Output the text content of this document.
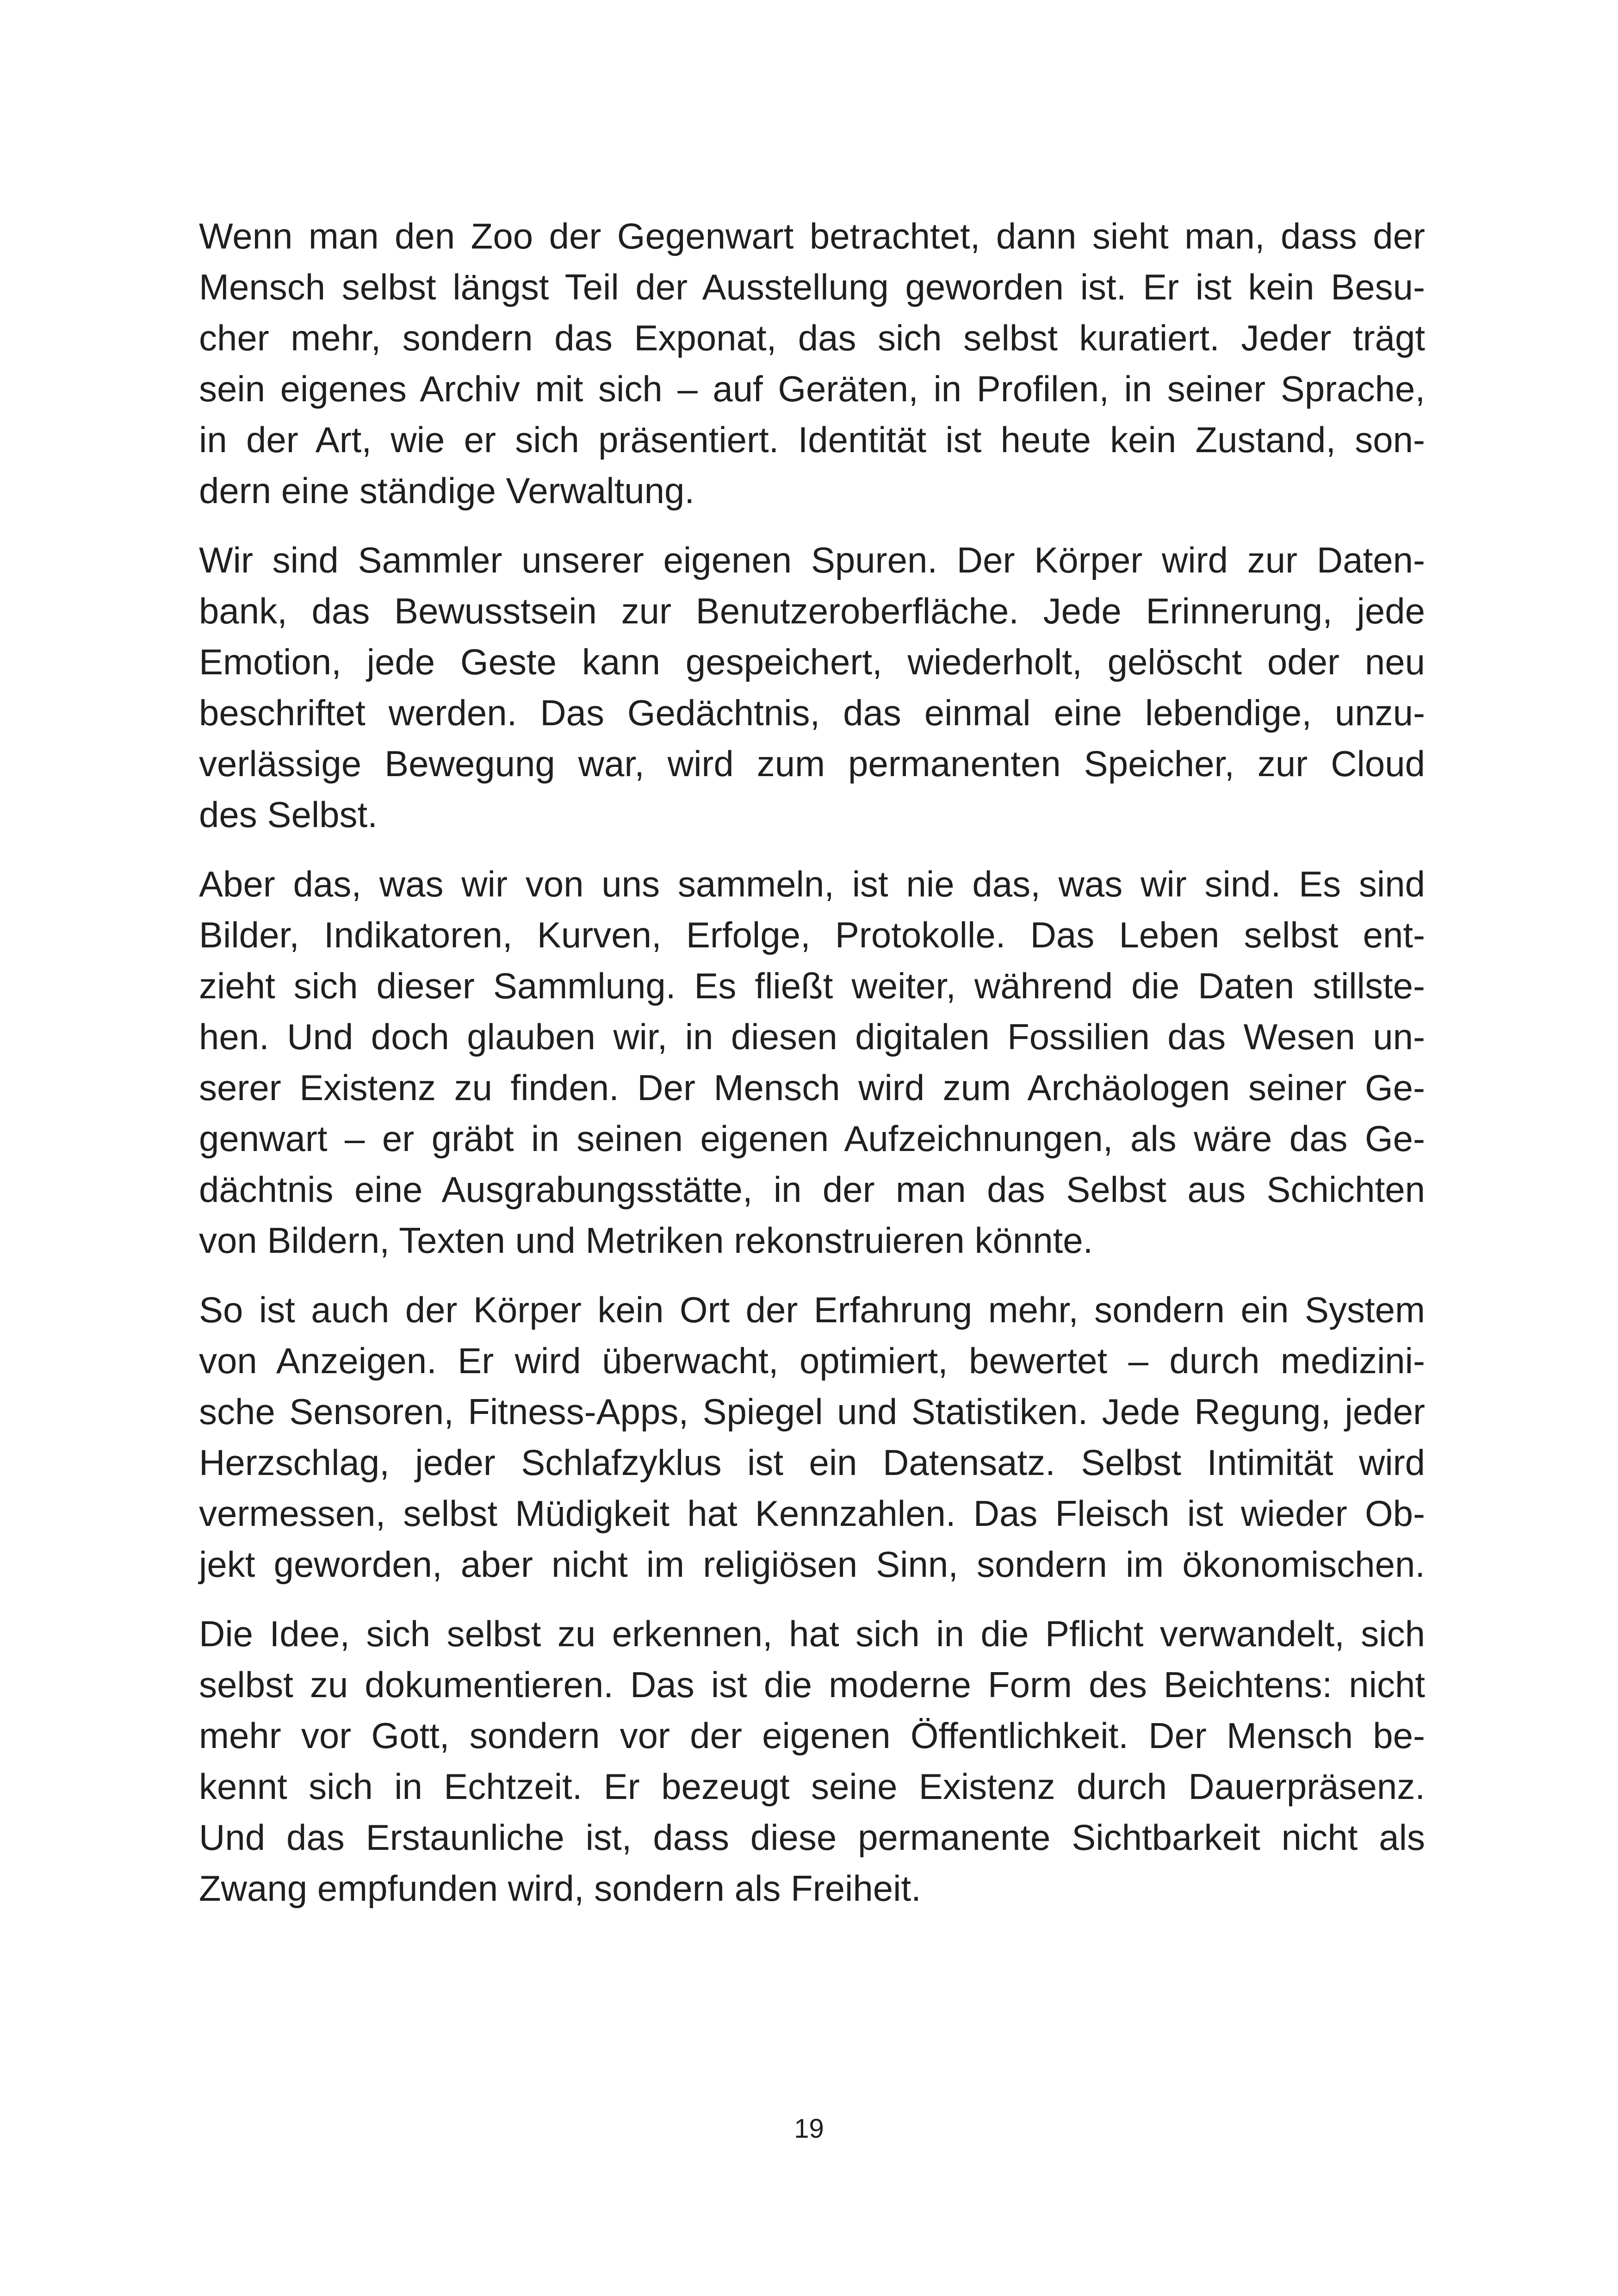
Wenn man den Zoo der Gegenwart betrachtet, dann sieht man, dass der
Mensch selbst längst Teil der Ausstellung geworden ist. Er ist kein Besu-
cher mehr, sondern das Exponat, das sich selbst kuratiert. Jeder trägt
sein eigenes Archiv mit sich – auf Geräten, in Profilen, in seiner Sprache,
in der Art, wie er sich präsentiert. Identität ist heute kein Zustand, son-
dern eine ständige Verwaltung.

Wir sind Sammler unserer eigenen Spuren. Der Körper wird zur Daten-
bank, das Bewusstsein zur Benutzeroberfläche. Jede Erinnerung, jede
Emotion, jede Geste kann gespeichert, wiederholt, gelöscht oder neu
beschriftet werden. Das Gedächtnis, das einmal eine lebendige, unzu-
verlässige Bewegung war, wird zum permanenten Speicher, zur Cloud
des Selbst.

Aber das, was wir von uns sammeln, ist nie das, was wir sind. Es sind
Bilder, Indikatoren, Kurven, Erfolge, Protokolle. Das Leben selbst ent-
zieht sich dieser Sammlung. Es fließt weiter, während die Daten stillste-
hen. Und doch glauben wir, in diesen digitalen Fossilien das Wesen un-
serer Existenz zu finden. Der Mensch wird zum Archäologen seiner Ge-
genwart – er gräbt in seinen eigenen Aufzeichnungen, als wäre das Ge-
dächtnis eine Ausgrabungsstätte, in der man das Selbst aus Schichten
von Bildern, Texten und Metriken rekonstruieren könnte.

So ist auch der Körper kein Ort der Erfahrung mehr, sondern ein System
von Anzeigen. Er wird überwacht, optimiert, bewertet – durch medizini-
sche Sensoren, Fitness-Apps, Spiegel und Statistiken. Jede Regung, jeder
Herzschlag, jeder Schlafzyklus ist ein Datensatz. Selbst Intimität wird
vermessen, selbst Müdigkeit hat Kennzahlen. Das Fleisch ist wieder Ob-
jekt geworden, aber nicht im religiösen Sinn, sondern im ökonomischen.

Die Idee, sich selbst zu erkennen, hat sich in die Pflicht verwandelt, sich
selbst zu dokumentieren. Das ist die moderne Form des Beichtens: nicht
mehr vor Gott, sondern vor der eigenen Öffentlichkeit. Der Mensch be-
kennt sich in Echtzeit. Er bezeugt seine Existenz durch Dauerpräsenz.
Und das Erstaunliche ist, dass diese permanente Sichtbarkeit nicht als
Zwang empfunden wird, sondern als Freiheit.

19
